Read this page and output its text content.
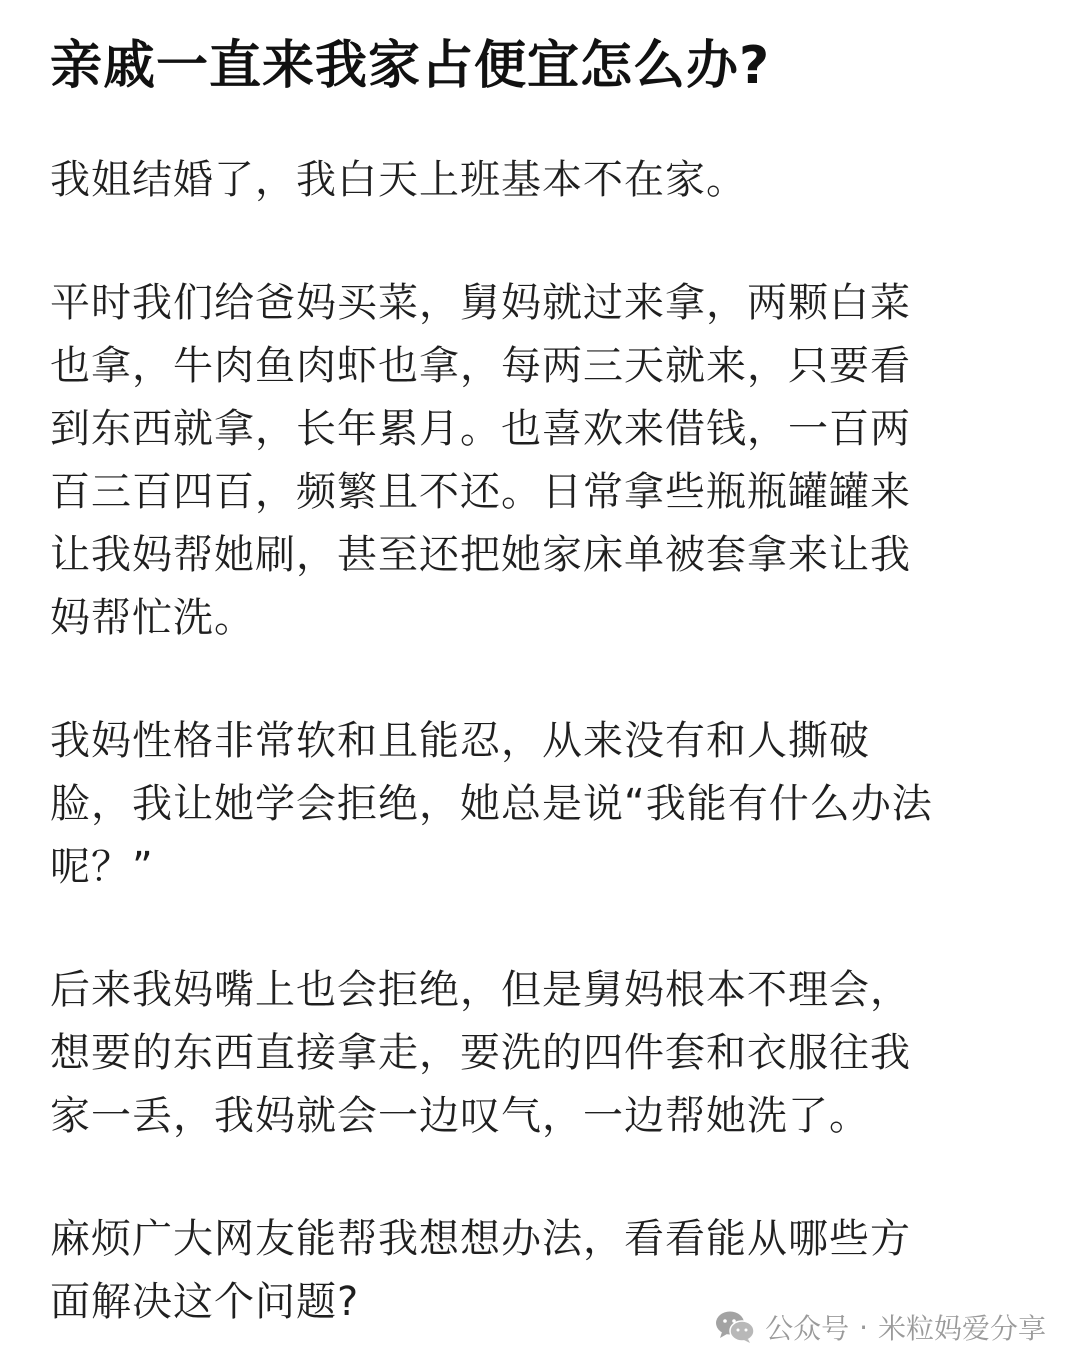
亲戚一直来我家占便宜怎么办?
我姐结婚了，我白天上班基本不在家。
平时我们给爸妈买菜，舅妈就过来拿，两颗白菜
也拿，牛肉鱼肉虾也拿，每两三天就来，只要看
到东西就拿，长年累月。也喜欢来借钱，一百两
百三百四百，频繁且不还。日常拿些瓶瓶罐罐来
让我妈帮她刷，甚至还把她家床单被套拿来让我
妈帮忙洗。
我妈性格非常软和且能忍，从来没有和人撕破
脸，我让她学会拒绝，她总是说“我能有什么办法
呢？”
后来我妈嘴上也会拒绝，但是舅妈根本不理会，
想要的东西直接拿走，要洗的四件套和衣服往我
家一丢，我妈就会一边叹气，一边帮她洗了。
麻烦广大网友能帮我想想办法，看看能从哪些方
面解决这个问题?
公众号 · 米粒妈爱分享
